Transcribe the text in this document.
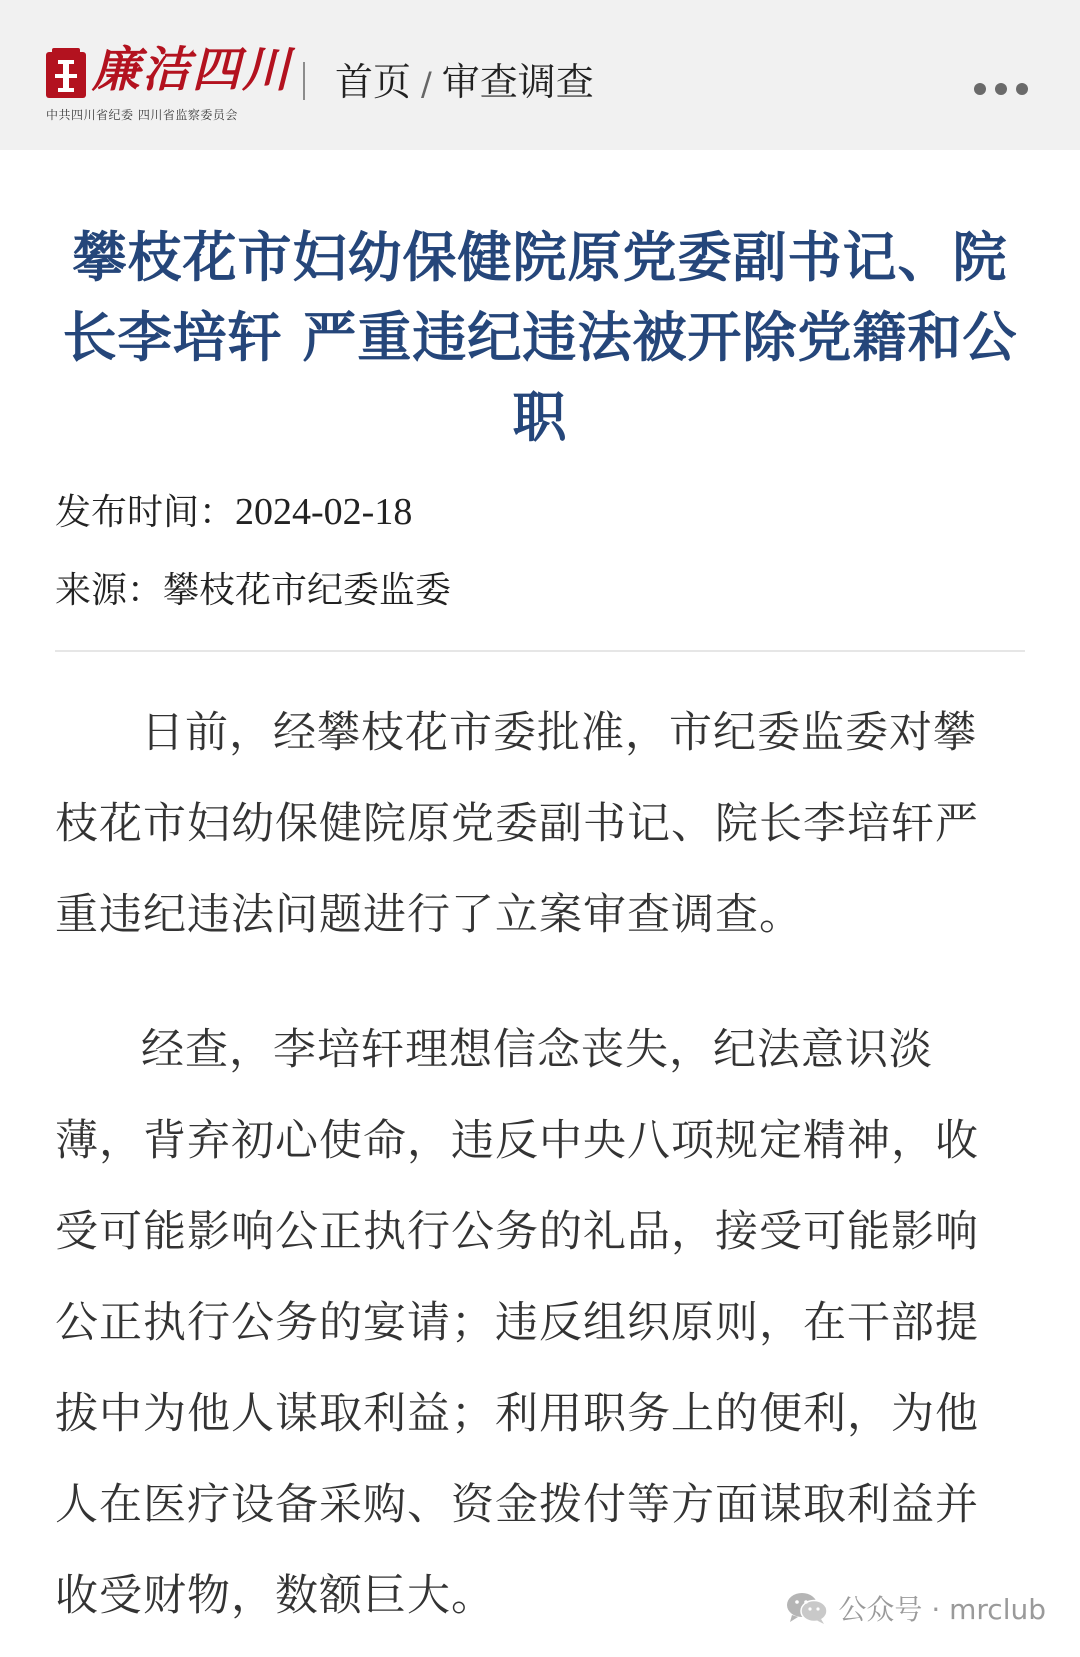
廉洁四川
中共四川省纪委 四川省监察委员会
首页 / 审查调查
攀枝花市妇幼保健院原党委副书记、院长李培轩 严重违纪违法被开除党籍和公职
发布时间：2024-02-18
来源：攀枝花市纪委监委

日前，经攀枝花市委批准，市纪委监委对攀枝花市妇幼保健院原党委副书记、院长李培轩严重违纪违法问题进行了立案审查调查。

经查，李培轩理想信念丧失，纪法意识淡薄，背弃初心使命，违反中央八项规定精神，收受可能影响公正执行公务的礼品，接受可能影响公正执行公务的宴请；违反组织原则，在干部提拔中为他人谋取利益；利用职务上的便利，为他人在医疗设备采购、资金拨付等方面谋取利益并收受财物，数额巨大。	公众号 · mrclub
